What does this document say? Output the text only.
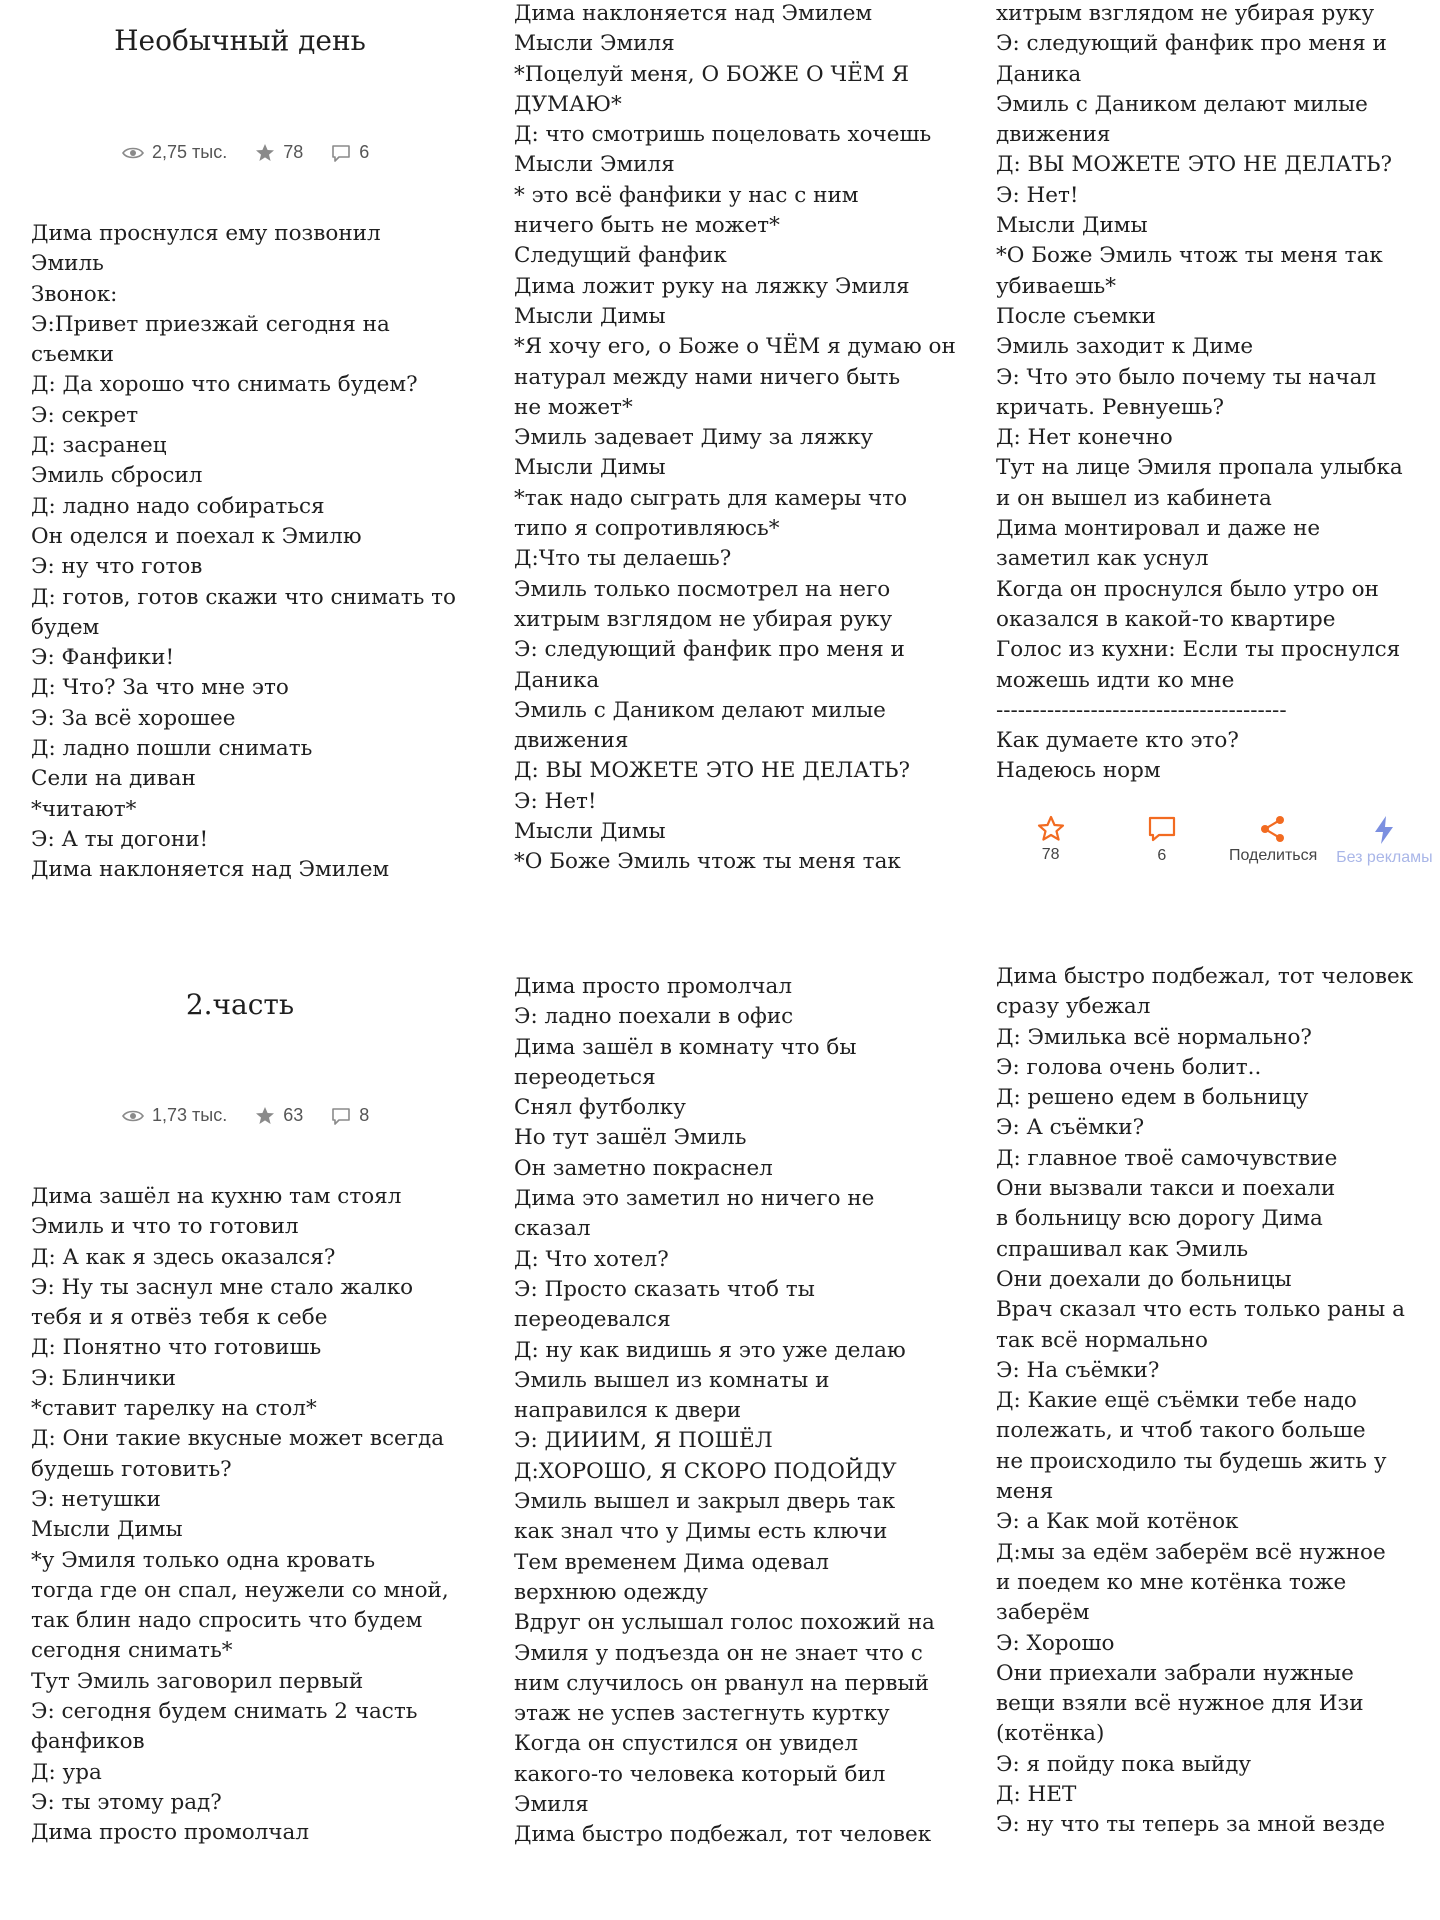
Необычный день
2,75 тыс.	78	6
Дима проснулся ему позвонил
Эмиль
Звонок:
Э:Привет приезжай сегодня на
съемки
Д: Да хорошо что снимать будем?
Э: секрет
Д: засранец
Эмиль сбросил
Д: ладно надо собираться
Он оделся и поехал к Эмилю
Э: ну что готов
Д: готов, готов скажи что снимать то
будем
Э: Фанфики!
Д: Что? За что мне это
Э: За всё хорошее
Д: ладно пошли снимать
Сели на диван
*читают*
Э: А ты догони!
Дима наклоняется над Эмилем
Дима наклоняется над Эмилем
Мысли Эмиля
*Поцелуй меня, О БОЖЕ О ЧЁМ Я
ДУМАЮ*
Д: что смотришь поцеловать хочешь
Мысли Эмиля
* это всё фанфики у нас с ним
ничего быть не может*
Следущий фанфик
Дима ложит руку на ляжку Эмиля
Мысли Димы
*Я хочу его, о Боже о ЧЁМ я думаю он
натурал между нами ничего быть
не может*
Эмиль задевает Диму за ляжку
Мысли Димы
*так надо сыграть для камеры что
типо я сопротивляюсь*
Д:Что ты делаешь?
Эмиль только посмотрел на него
хитрым взглядом не убирая руку
Э: следующий фанфик про меня и
Даника
Эмиль с Даником делают милые
движения
Д: ВЫ МОЖЕТЕ ЭТО НЕ ДЕЛАТЬ?
Э: Нет!
Мысли Димы
*О Боже Эмиль чтож ты меня так
хитрым взглядом не убирая руку
Э: следующий фанфик про меня и
Даника
Эмиль с Даником делают милые
движения
Д: ВЫ МОЖЕТЕ ЭТО НЕ ДЕЛАТЬ?
Э: Нет!
Мысли Димы
*О Боже Эмиль чтож ты меня так
убиваешь*
После съемки
Эмиль заходит к Диме
Э: Что это было почему ты начал
кричать. Ревнуешь?
Д: Нет конечно
Тут на лице Эмиля пропала улыбка
и он вышел из кабинета
Дима монтировал и даже не
заметил как уснул
Когда он проснулся было утро он
оказался в какой-то квартире
Голос из кухни: Если ты проснулся
можешь идти ко мне
----------------------------------------
Как думаете кто это?
Надеюсь норм
78	6	Поделиться Без рекламы
2.часть
1,73 тыс.	63	8
Дима зашёл на кухню там стоял
Эмиль и что то готовил
Д: А как я здесь оказался?
Э: Ну ты заснул мне стало жалко
тебя и я отвёз тебя к себе
Д: Понятно что готовишь
Э: Блинчики
*ставит тарелку на стол*
Д: Они такие вкусные может всегда
будешь готовить?
Э: нетушки
Мысли Димы
*у Эмиля только одна кровать
тогда где он спал, неужели со мной,
так блин надо спросить что будем
сегодня снимать*
Тут Эмиль заговорил первый
Э: сегодня будем снимать 2 часть
фанфиков
Д: ура
Э: ты этому рад?
Дима просто промолчал
Дима просто промолчал
Э: ладно поехали в офис
Дима зашёл в комнату что бы
переодеться
Снял футболку
Но тут зашёл Эмиль
Он заметно покраснел
Дима это заметил но ничего не
сказал
Д: Что хотел?
Э: Просто сказать чтоб ты
переодевался
Д: ну как видишь я это уже делаю
Эмиль вышел из комнаты и
направился к двери
Э: ДИИИМ, Я ПОШЁЛ
Д:ХОРОШО, Я СКОРО ПОДОЙДУ
Эмиль вышел и закрыл дверь так
как знал что у Димы есть ключи
Тем временем Дима одевал
верхнюю одежду
Вдруг он услышал голос похожий на
Эмиля у подъезда он не знает что с
ним случилось он рванул на первый
этаж не успев застегнуть куртку
Когда он спустился он увидел
какого-то человека который бил
Эмиля
Дима быстро подбежал, тот человек
Дима быстро подбежал, тот человек
сразу убежал
Д: Эмилька всё нормально?
Э: голова очень болит..
Д: решено едем в больницу
Э: А съёмки?
Д: главное твоё самочувствие
Они вызвали такси и поехали
в больницу всю дорогу Дима
спрашивал как Эмиль
Они доехали до больницы
Врач сказал что есть только раны а
так всё нормально
Э: На съёмки?
Д: Какие ещё съёмки тебе надо
полежать, и чтоб такого больше
не происходило ты будешь жить у
меня
Э: а Как мой котёнок
Д:мы за едём заберём всё нужное
и поедем ко мне котёнка тоже
заберём
Э: Хорошо
Они приехали забрали нужные
вещи взяли всё нужное для Изи
(котёнка)
Э: я пойду пока выйду
Д: НЕТ
Э: ну что ты теперь за мной везде
